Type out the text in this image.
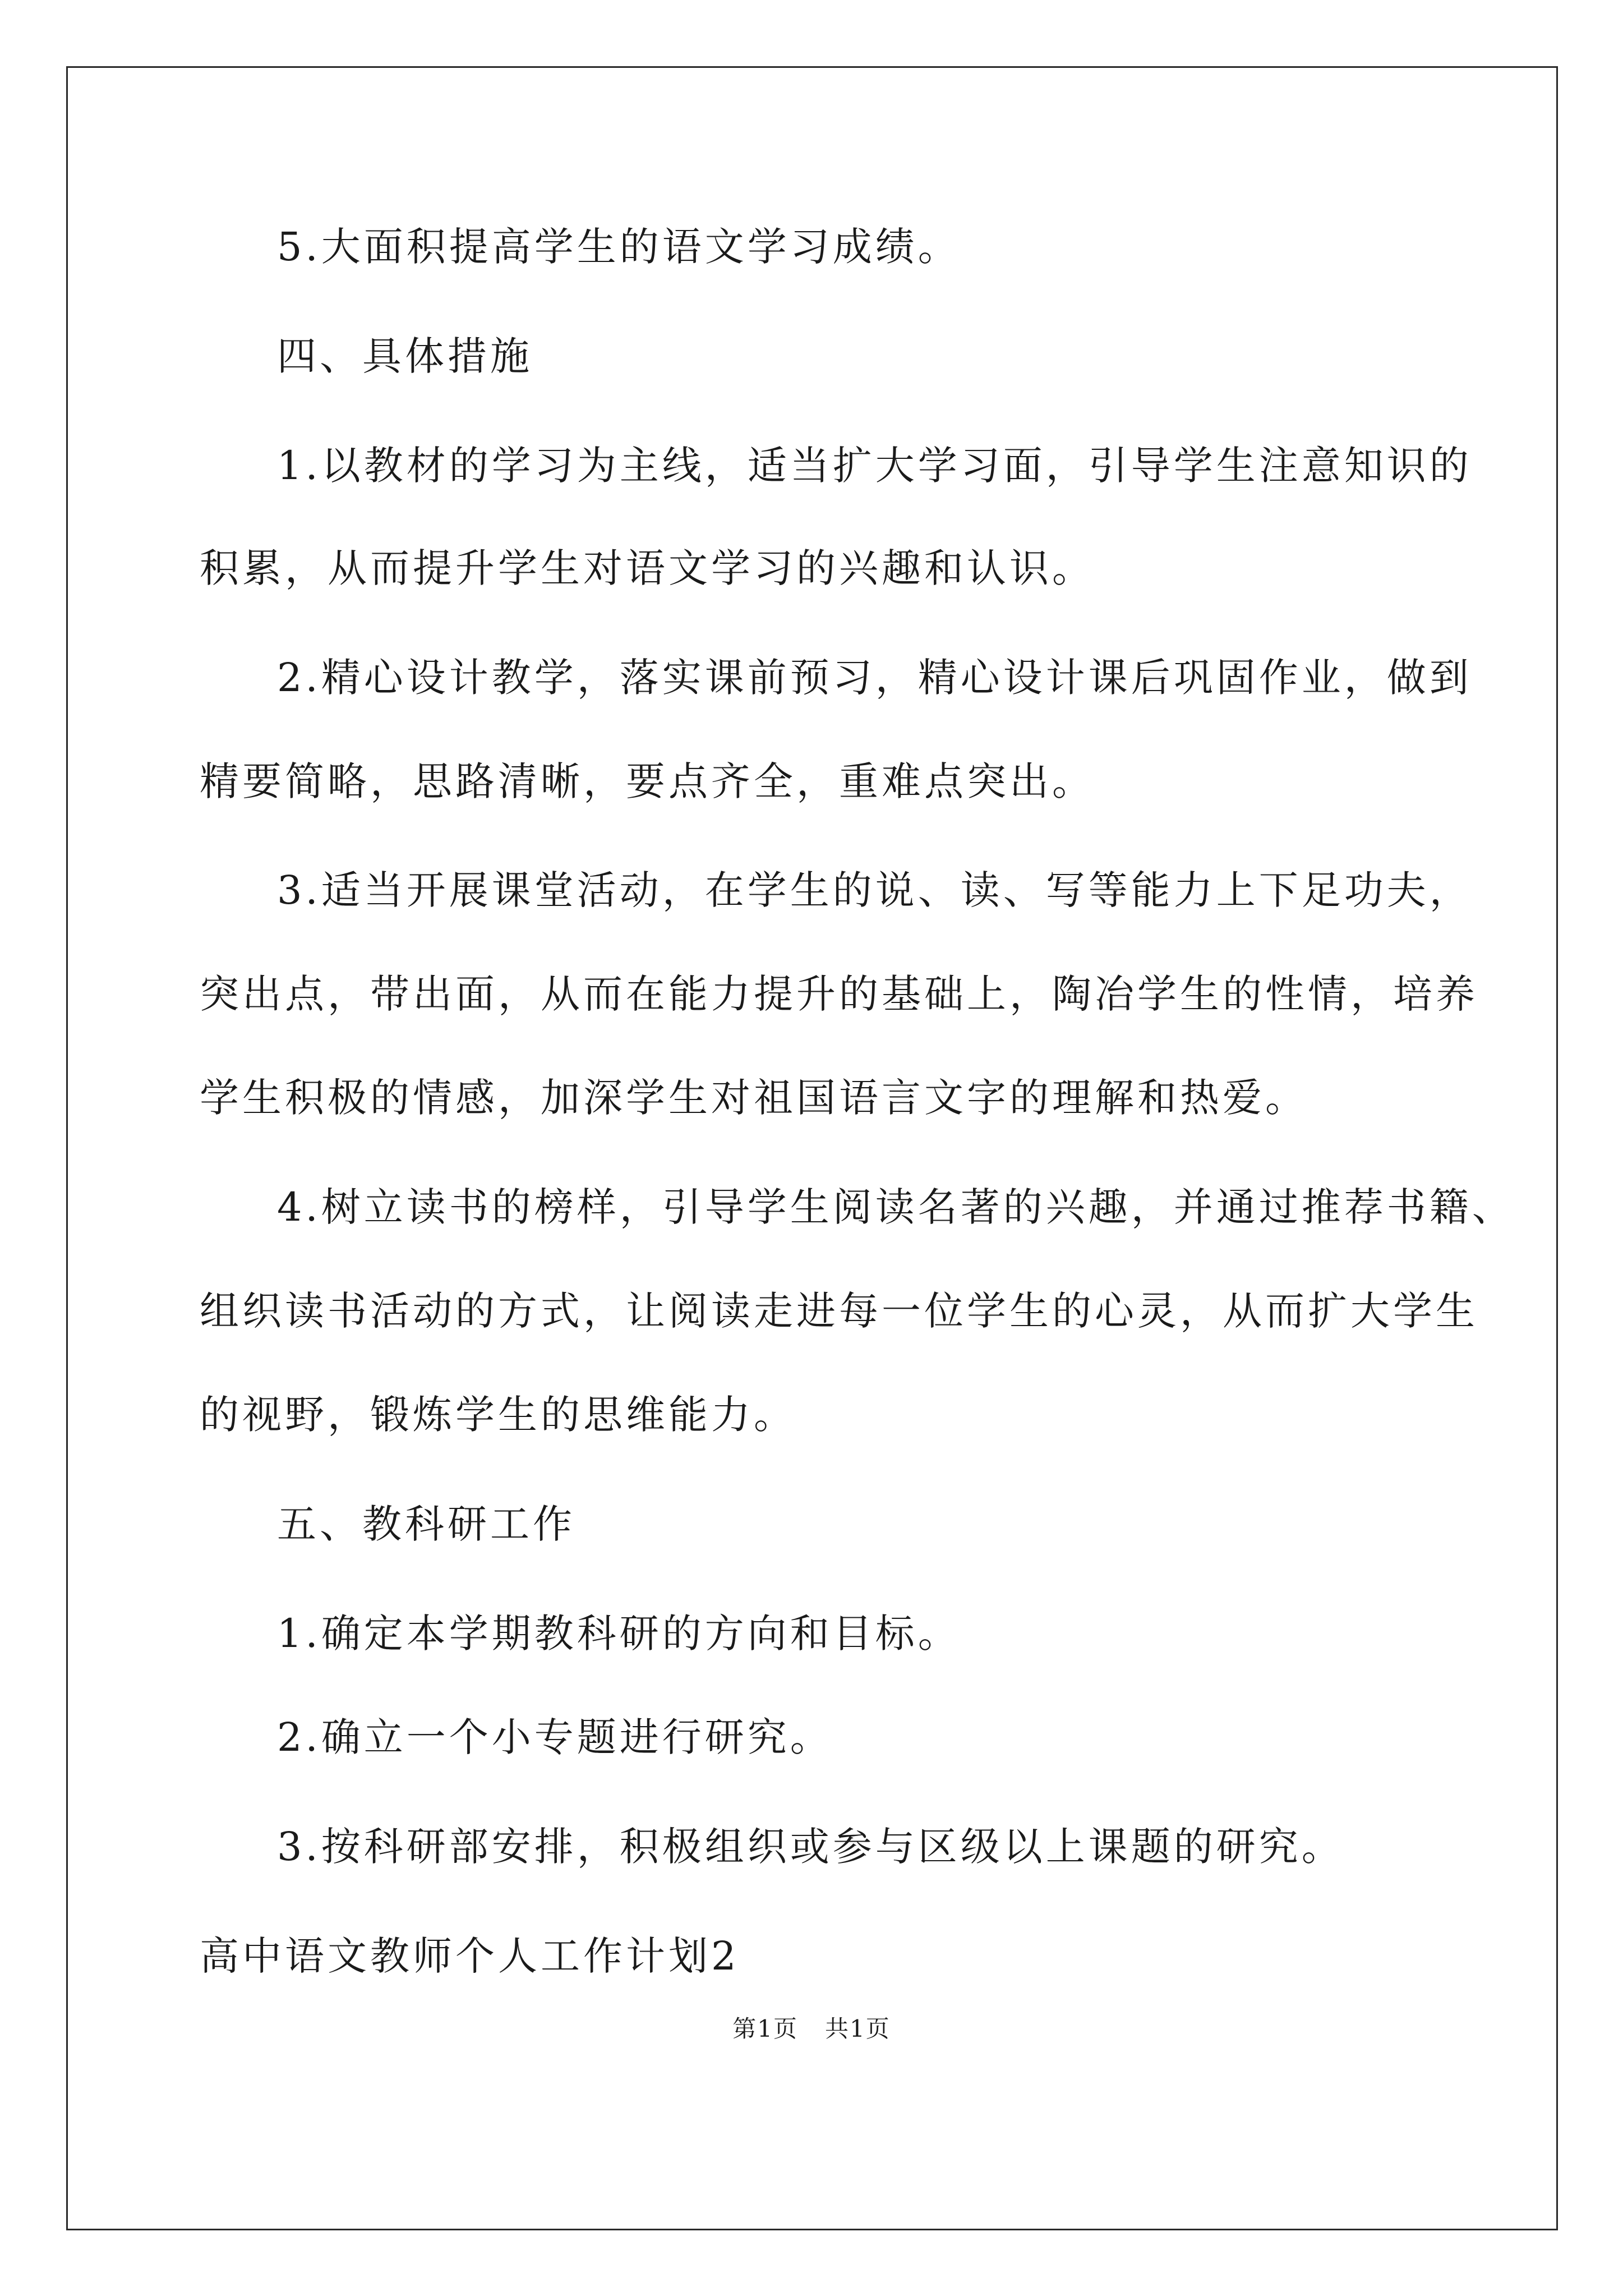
5.大面积提高学生的语文学习成绩。
四、具体措施
1.以教材的学习为主线，适当扩大学习面，引导学生注意知识的
积累，从而提升学生对语文学习的兴趣和认识。
2.精心设计教学，落实课前预习，精心设计课后巩固作业，做到
精要简略，思路清晰，要点齐全，重难点突出。
3.适当开展课堂活动，在学生的说、读、写等能力上下足功夫，
突出点，带出面，从而在能力提升的基础上，陶冶学生的性情，培养
学生积极的情感，加深学生对祖国语言文字的理解和热爱。
4.树立读书的榜样，引导学生阅读名著的兴趣，并通过推荐书籍、
组织读书活动的方式，让阅读走进每一位学生的心灵，从而扩大学生
的视野，锻炼学生的思维能力。
五、教科研工作
1.确定本学期教科研的方向和目标。
2.确立一个小专题进行研究。
3.按科研部安排，积极组织或参与区级以上课题的研究。
高中语文教师个人工作计划2
第1页 共1页
